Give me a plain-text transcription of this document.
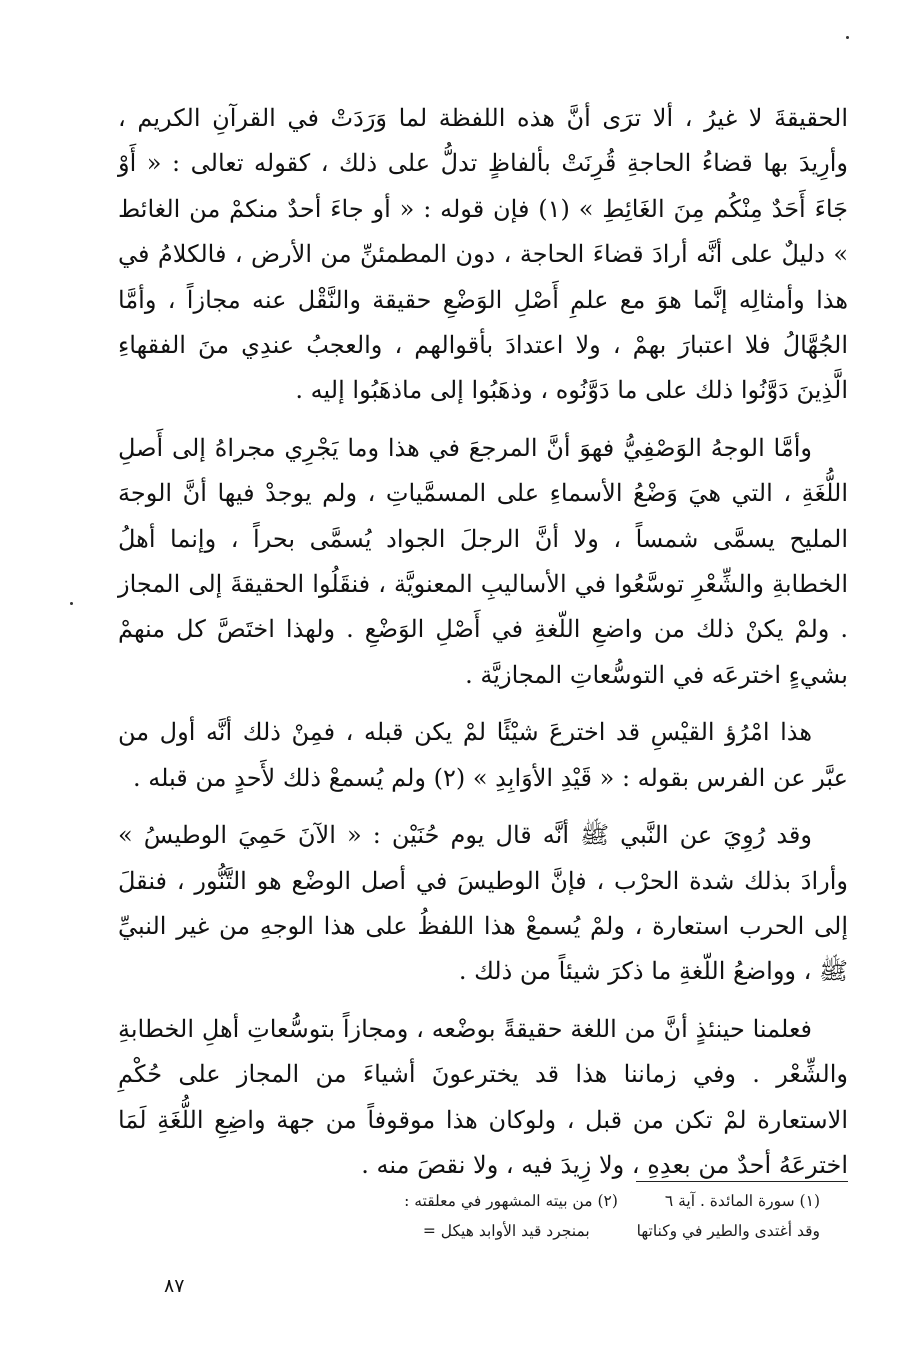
الحقيقةَ لا غيرُ ، ألا ترَى أنَّ هذه اللفظة لما وَرَدَتْ في القرآنِ الكريم ، وأرِيدَ بها قضاءُ الحاجةِ قُرِنَتْ بألفاظٍ تدلُّ على ذلك ، كقوله تعالى : « أَوْ جَاءَ أَحَدٌ مِنْكُم مِنَ الغَائِطِ » (١) فإن قوله : « أو جاءَ أحدٌ منكمْ من الغائط » دليلٌ على أنَّه أرادَ قضاءَ الحاجة ، دون المطمئنِّ من الأرض ، فالكلامُ في هذا وأمثالِه إنَّما هوَ مع علمِ أَصْلِ الوَضْعِ حقيقة والنَّقْل عنه مجازاً ، وأمَّا الجُهَّالُ فلا اعتبارَ بهمْ ، ولا اعتدادَ بأقوالهم ، والعجبُ عندِي منَ الفقهاءِ الَّذِينَ دَوَّنُوا ذلك على ما دَوَّنُوه ، وذهَبُوا إلى ماذهَبُوا إليه .

وأمَّا الوجهُ الوَصْفِيُّ فهوَ أنَّ المرجعَ في هذا وما يَجْرِي مجراهُ إلى أَصلِ اللُّغَةِ ، التي هيَ وَضْعُ الأسماءِ على المسمَّياتِ ، ولم يوجدْ فيها أنَّ الوجهَ المليح يسمَّى شمساً ، ولا أنَّ الرجلَ الجواد يُسمَّى بحراً ، وإنما أهلُ الخطابةِ والشِّعْرِ توسَّعُوا في الأساليبِ المعنويَّة ، فنقَلُوا الحقيقةَ إلى المجاز . ولمْ يكنْ ذلك من واضعِ اللّغةِ في أَصْلِ الوَضْعِ . ولهذا اختَصَّ كل منهمْ بشيءٍ اخترعَه في التوسُّعاتِ المجازيَّة .

هذا امْرُؤ القيْسِ قد اخترعَ شيْئًا لمْ يكن قبله ، فمِنْ ذلك أنَّه أول من عبَّر عن الفرس بقوله : « قَيْدِ الأوَابِدِ » (٢) ولم يُسمعْ ذلك لأَحدٍ من قبله .

وقد رُوِيَ عن النَّبي ﷺ أنَّه قال يوم حُنَيْن : « الآنَ حَمِيَ الوطيسُ » وأرادَ بذلك شدة الحرْب ، فإنَّ الوطيسَ في أصل الوضْع هو التَّنُّور ، فنقلَ إلى الحرب استعارة ، ولمْ يُسمعْ هذا اللفظُ على هذا الوجهِ من غير النبيِّ ﷺ ، وواضعُ اللّغةِ ما ذكرَ شيئاً من ذلك .

فعلمنا حينئذٍ أنَّ من اللغة حقيقةً بوضْعه ، ومجازاً بتوسُّعاتِ أهلِ الخطابةِ والشِّعْر . وفي زماننا هذا قد يخترعونَ أشياءَ من المجاز على حُكْمِ الاستعارة لمْ تكن من قبل ، ولوكان هذا موقوفاً من جهة واضِعِ اللُّغَةِ لَمَا اخترعَهُ أحدٌ من بعدِهِ ، ولا زِيدَ فيه ، ولا نقصَ منه .

(١) سورة المائدة . آية ٦ (٢) من بيته المشهور في معلقته :
وقد أغتدى والطير في وكناتها بمنجرد قيد الأوابد هيكل =
٨٧
